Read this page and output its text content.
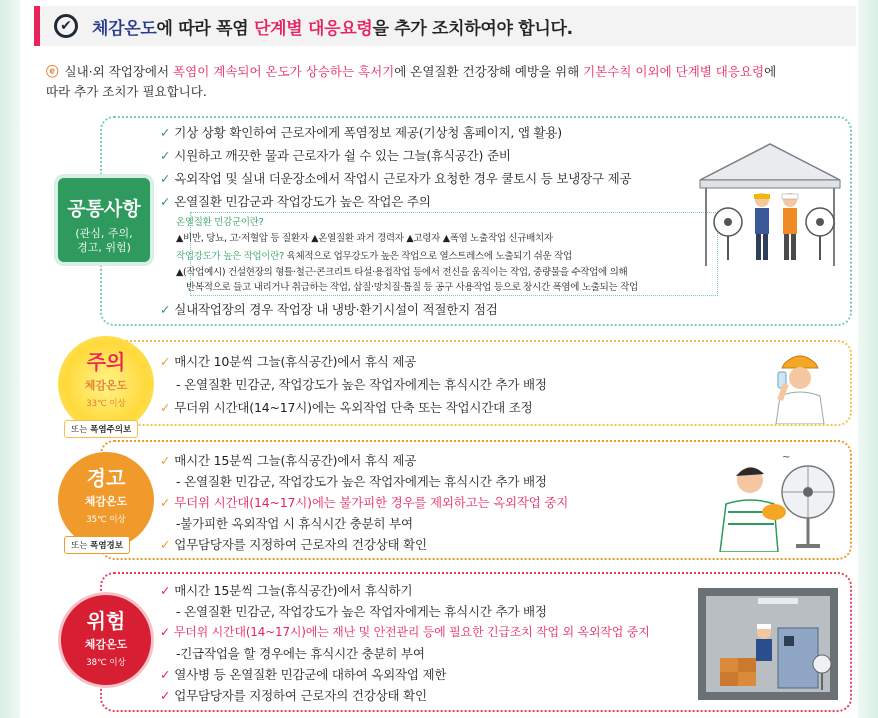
✔	체감온도에 따라 폭염 단계별 대응요령을 추가 조치하여야 합니다.
ⓔ 실내·외 작업장에서 폭염이 계속되어 온도가 상승하는 혹서기에 온열질환 건강장해 예방을 위해 기본수칙 이외에 단계별 대응요령에
따라 추가 조치가 필요합니다.
공통사항
(관심, 주의,
경고, 위험)
✓ 기상 상황 확인하여 근로자에게 폭염정보 제공(기상청 홈페이지, 앱 활용)
✓ 시원하고 깨끗한 물과 근로자가 쉴 수 있는 그늘(휴식공간) 준비
✓ 옥외작업 및 실내 더운장소에서 작업시 근로자가 요청한 경우 쿨토시 등 보냉장구 제공
✓ 온열질환 민감군과 작업강도가 높은 작업은 주의
온열질환 민감군이란?
▲비만, 당뇨, 고·저혈압 등 질환자 ▲온열질환 과거 경력자 ▲고령자 ▲폭염 노출작업 신규배치자
작업강도가 높은 작업이란? 육체적으로 업무강도가 높은 작업으로 열스트레스에 노출되기 쉬운 작업
▲(작업예시) 건설현장의 형틀·철근·콘크리트 타설·용접작업 등에서 전신을 움직이는 작업, 중량물을 수작업에 의해
반복적으로 들고 내리거나 취급하는 작업, 삽질·망치질·톱질 등 공구 사용작업 등으로 장시간 폭염에 노출되는 작업
✓ 실내작업장의 경우 작업장 내 냉방·환기시설이 적절한지 점검
주의
체감온도
33℃ 이상
또는 폭염주의보
✓ 매시간 10분씩 그늘(휴식공간)에서 휴식 제공
- 온열질환 민감군, 작업강도가 높은 작업자에게는 휴식시간 추가 배정
✓ 무더위 시간대(14~17시)에는 옥외작업 단축 또는 작업시간대 조정
경고
체감온도
35℃ 이상
또는 폭염경보
✓ 매시간 15분씩 그늘(휴식공간)에서 휴식 제공
- 온열질환 민감군, 작업강도가 높은 작업자에게는 휴식시간 추가 배정
✓ 무더위 시간대(14~17시)에는 불가피한 경우를 제외하고는 옥외작업 중지
-불가피한 옥외작업 시 휴식시간 충분히 부여
✓ 업무담당자를 지정하여 근로자의 건강상태 확인
~
위험
체감온도
38℃ 이상
✓ 매시간 15분씩 그늘(휴식공간)에서 휴식하기
- 온열질환 민감군, 작업강도가 높은 작업자에게는 휴식시간 추가 배정
✓ 무더위 시간대(14~17시)에는 재난 및 안전관리 등에 필요한 긴급조치 작업 외 옥외작업 중지
-긴급작업을 할 경우에는 휴식시간 충분히 부여
✓ 열사병 등 온열질환 민감군에 대하여 옥외작업 제한
✓ 업무담당자를 지정하여 근로자의 건강상태 확인
